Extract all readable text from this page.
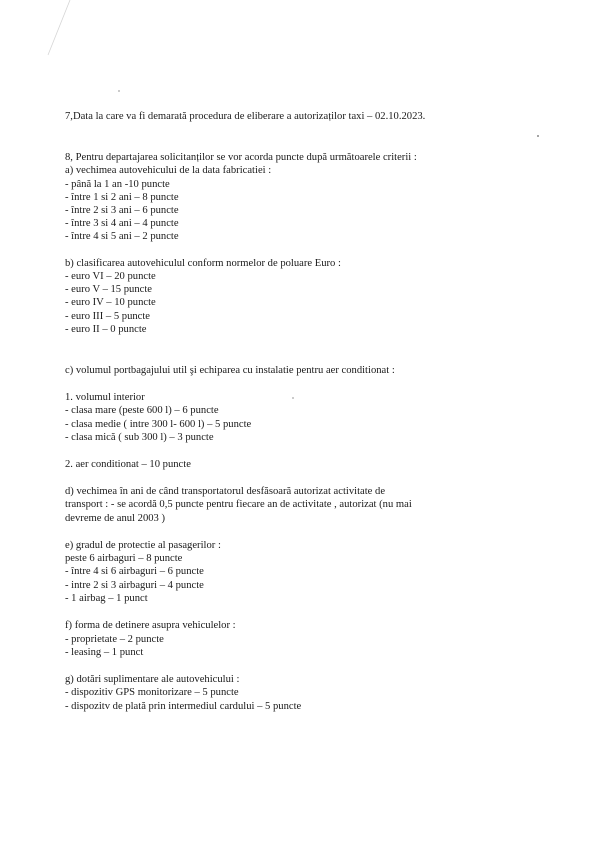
7,Data la care va fi demarată procedura de eliberare a autorizaților taxi – 02.10.2023.
8, Pentru departajarea solicitanților se vor acorda puncte după următoarele criterii :
a) vechimea autovehicului de la data fabricatiei :
- până la 1 an -10 puncte
- între 1 si 2 ani – 8 puncte
- între 2 si 3 ani – 6 puncte
- între 3 si 4 ani – 4 puncte
- între 4 si 5 ani – 2 puncte
b) clasificarea autovehiculul conform normelor de poluare Euro :
- euro VI – 20 puncte
- euro V – 15 puncte
- euro IV – 10 puncte
- euro III – 5 puncte
- euro II – 0 puncte
c) volumul portbagajului util şi echiparea cu instalatie pentru aer conditionat :
1. volumul interior
- clasa mare (peste 600 l) – 6 puncte
- clasa medie ( intre 300 l- 600 l) – 5 puncte
- clasa mică ( sub 300 l) – 3 puncte
2. aer conditionat – 10 puncte
d) vechimea în ani de când transportatorul desfăsoară autorizat activitate de
transport : - se acordă 0,5 puncte pentru fiecare an de activitate , autorizat (nu mai
devreme de anul 2003 )
e) gradul de protectie al pasagerilor :
peste 6 airbaguri – 8 puncte
- între 4 si 6 airbaguri – 6 puncte
- intre 2 si 3 airbaguri – 4 puncte
- 1 airbag – 1 punct
f) forma de detinere asupra vehiculelor :
- proprietate – 2 puncte
- leasing – 1 punct
g) dotări suplimentare ale autovehicului :
- dispozitiv GPS monitorizare – 5 puncte
- dispozitv de plată prin intermediul cardului – 5 puncte
